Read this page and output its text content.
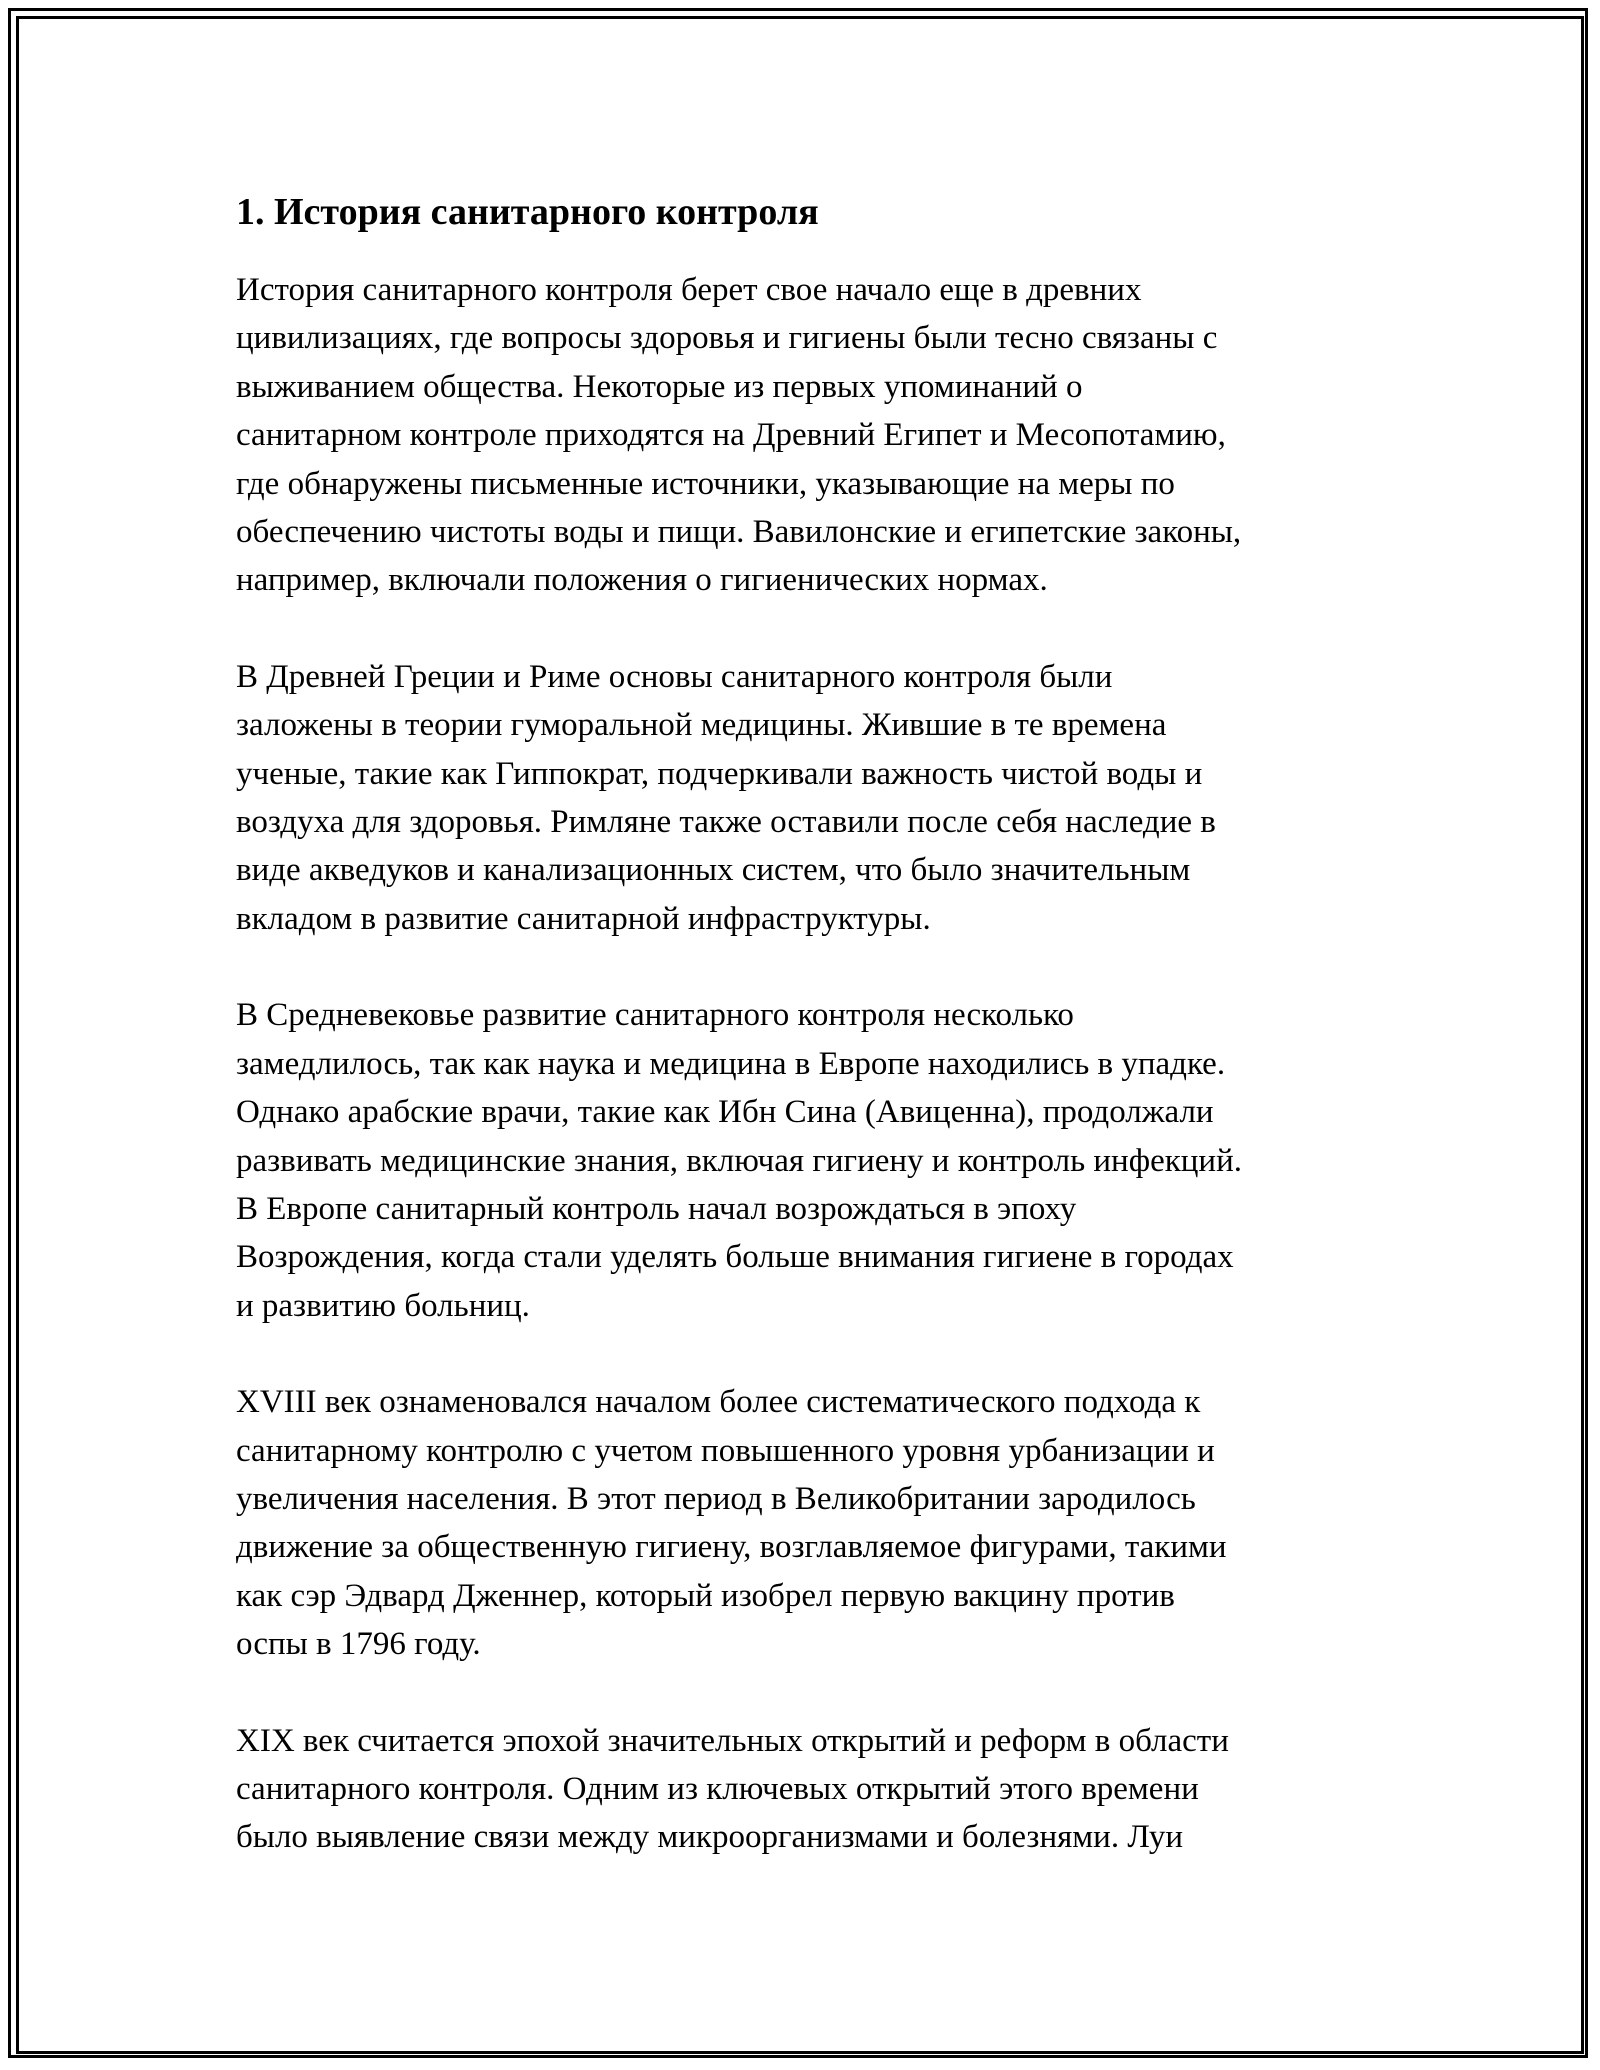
1. История санитарного контроля

История санитарного контроля берет свое начало еще в древних
цивилизациях, где вопросы здоровья и гигиены были тесно связаны с
выживанием общества. Некоторые из первых упоминаний о
санитарном контроле приходятся на Древний Египет и Месопотамию,
где обнаружены письменные источники, указывающие на меры по
обеспечению чистоты воды и пищи. Вавилонские и египетские законы,
например, включали положения о гигиенических нормах.

В Древней Греции и Риме основы санитарного контроля были
заложены в теории гуморальной медицины. Жившие в те времена
ученые, такие как Гиппократ, подчеркивали важность чистой воды и
воздуха для здоровья. Римляне также оставили после себя наследие в
виде акведуков и канализационных систем, что было значительным
вкладом в развитие санитарной инфраструктуры.

В Средневековье развитие санитарного контроля несколько
замедлилось, так как наука и медицина в Европе находились в упадке.
Однако арабские врачи, такие как Ибн Сина (Авиценна), продолжали
развивать медицинские знания, включая гигиену и контроль инфекций.
В Европе санитарный контроль начал возрождаться в эпоху
Возрождения, когда стали уделять больше внимания гигиене в городах
и развитию больниц.

XVIII век ознаменовался началом более систематического подхода к
санитарному контролю с учетом повышенного уровня урбанизации и
увеличения населения. В этот период в Великобритании зародилось
движение за общественную гигиену, возглавляемое фигурами, такими
как сэр Эдвард Дженнер, который изобрел первую вакцину против
оспы в 1796 году.

XIX век считается эпохой значительных открытий и реформ в области
санитарного контроля. Одним из ключевых открытий этого времени
было выявление связи между микроорганизмами и болезнями. Луи
